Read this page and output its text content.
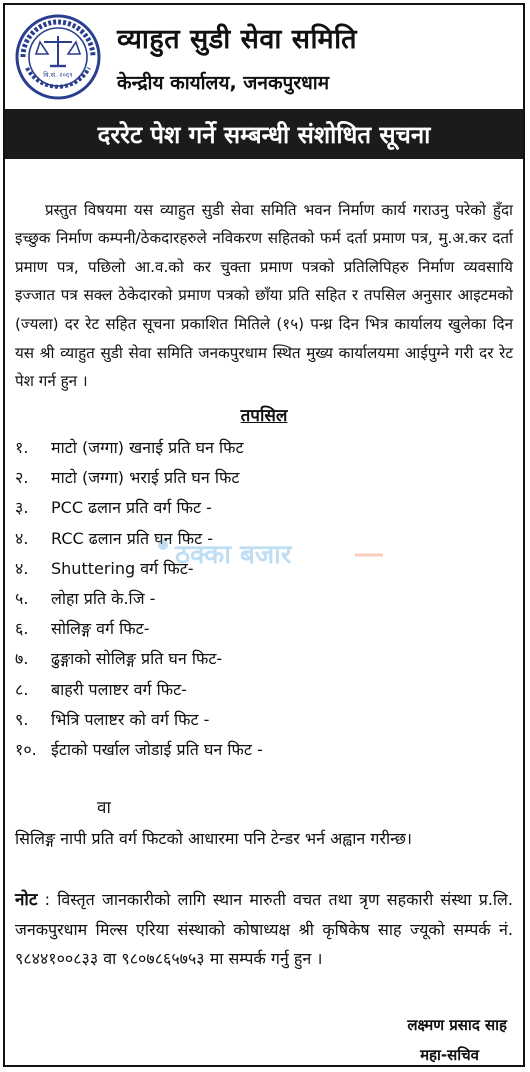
वि.सं. २०६९
व्याहुत सुडी सेवा समिति
केन्द्रीय कार्यालय, जनकपुरधाम
दररेट पेश गर्ने सम्बन्धी संशोधित सूचना

प्रस्तुत विषयमा यस व्याहुत सुडी सेवा समिति भवन निर्माण कार्य गराउनु परेको हुँदा इच्छुक निर्माण कम्पनी/ठेकदारहरुले नविकरण सहितको फर्म दर्ता प्रमाण पत्र, मु.अ.कर दर्ता प्रमाण पत्र, पछिलो आ.व.को कर चुक्ता प्रमाण पत्रको प्रतिलिपिहरु निर्माण व्यवसायि इज्जात पत्र सक्ल ठेकेदारको प्रमाण पत्रको छाँया प्रति सहित र तपसिल अनुसार आइटमको (ज्यला) दर रेट सहित सूचना प्रकाशित मितिले (१५) पन्ध्र दिन भित्र कार्यालय खुलेका दिन यस श्री व्याहुत सुडी सेवा समिति जनकपुरधाम स्थित मुख्य कार्यालयमा आईपुग्ने गरी दर रेट पेश गर्न हुन ।

तपसिल
१.	माटो (जग्गा) खनाई प्रति घन फिट
२.	माटो (जग्गा) भराई प्रति घन फिट
३.	PCC ढलान प्रति वर्ग फिट -
४.	RCC ढलान प्रति घन फिट -
४.	Shuttering वर्ग फिट-
५.	लोहा प्रति के.जि -
६.	सोलिङ्ग वर्ग फिट-
७.	ढुङ्गाको सोलिङ्ग प्रति घन फिट-
८.	बाहरी पलाष्टर वर्ग फिट-
९.	भित्रि पलाष्टर को वर्ग फिट -
१०. ईटाको पर्खाल जोडाई प्रति घन फिट -
वा
सिलिङ्ग नापी प्रति वर्ग फिटको आधारमा पनि टेन्डर भर्न अह्वान गरीन्छ।
नोट : विस्तृत जानकारीको लागि स्थान मारुती वचत तथा त्रृण सहकारी संस्था प्र.लि. जनकपुरधाम मिल्स एरिया संस्थाको कोषाध्यक्ष श्री कृषिकेष साह ज्यूको सम्पर्क नं. ९८४४१००८३३ वा ९८०७८६५७५३ मा सम्पर्क गर्नु हुन ।
लक्ष्मण प्रसाद साह
महा-सचिव
ठक्का बजार
